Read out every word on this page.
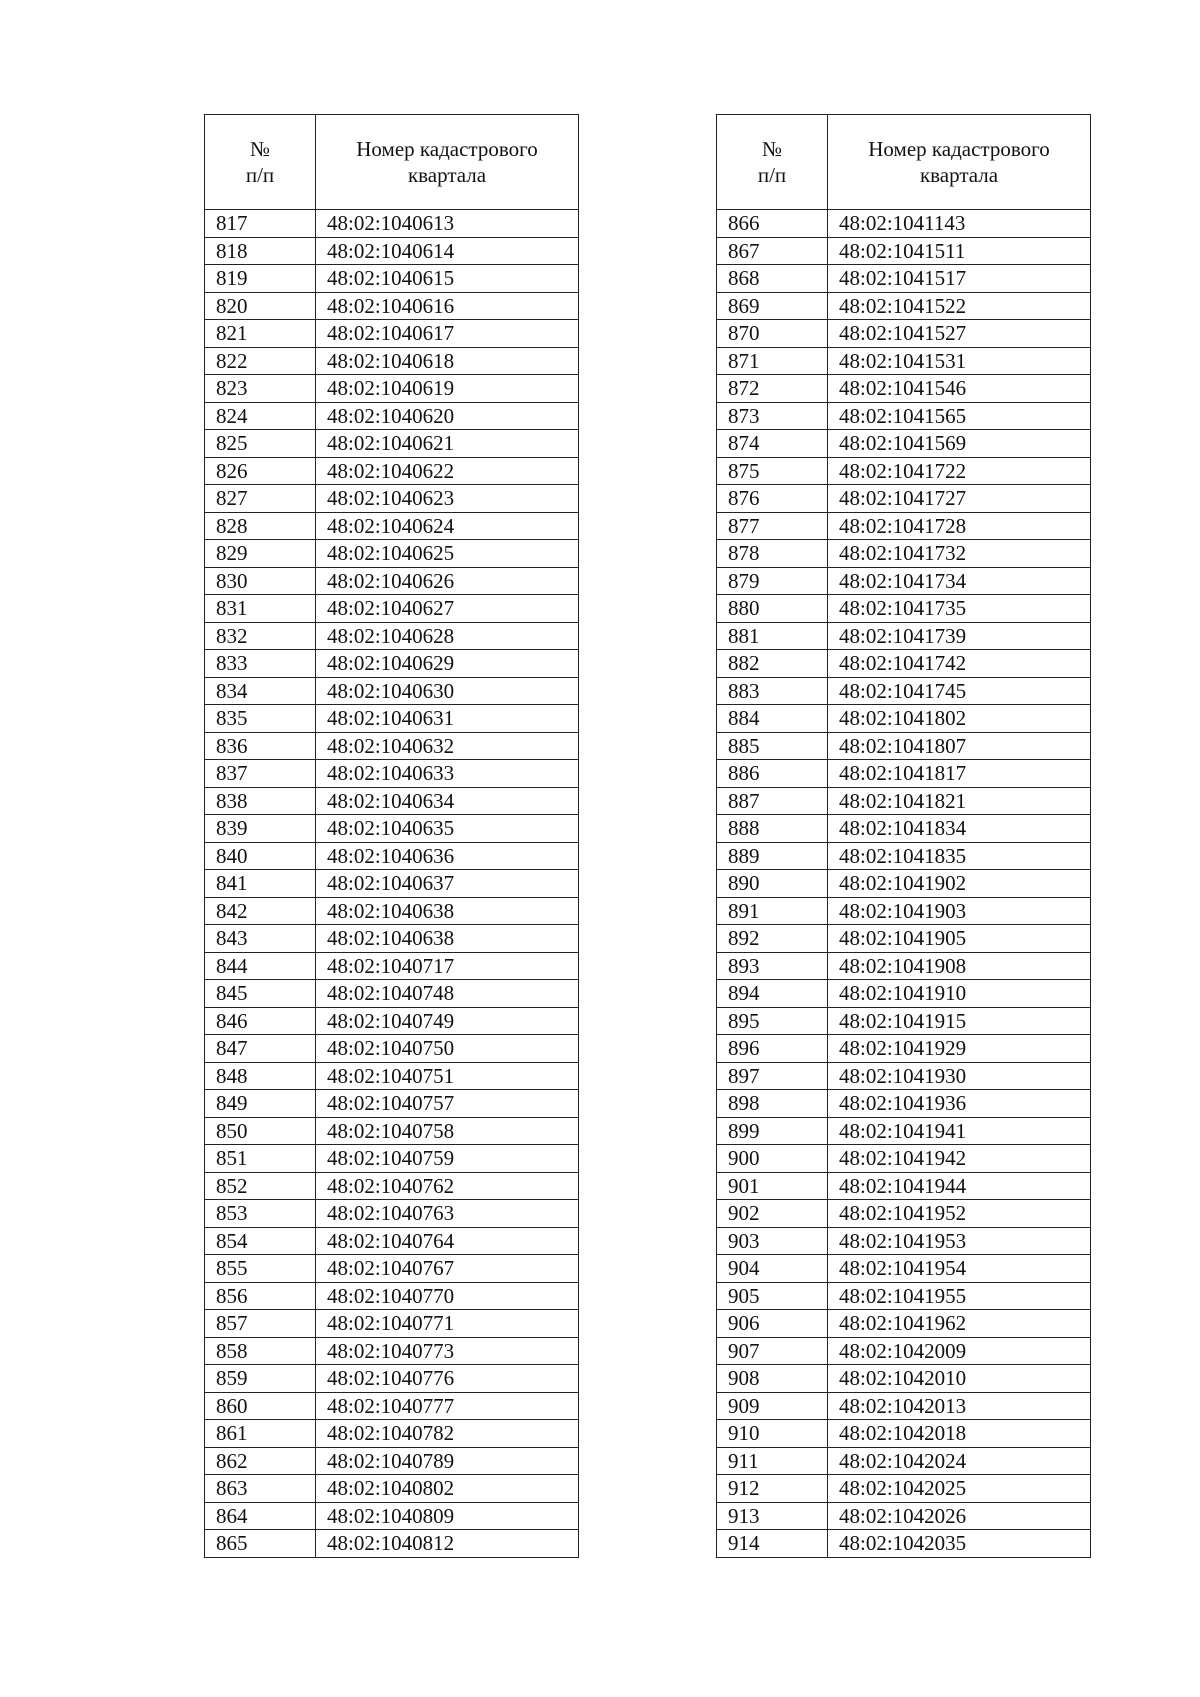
№
п/п	Номер кадастрового
квартала

817	48:02:1040613
818	48:02:1040614
819	48:02:1040615
820	48:02:1040616
821	48:02:1040617
822	48:02:1040618
823	48:02:1040619
824	48:02:1040620
825	48:02:1040621
826	48:02:1040622
827	48:02:1040623
828	48:02:1040624
829	48:02:1040625
830	48:02:1040626
831	48:02:1040627
832	48:02:1040628
833	48:02:1040629
834	48:02:1040630
835	48:02:1040631
836	48:02:1040632
837	48:02:1040633
838	48:02:1040634
839	48:02:1040635
840	48:02:1040636
841	48:02:1040637
842	48:02:1040638
843	48:02:1040638
844	48:02:1040717
845	48:02:1040748
846	48:02:1040749
847	48:02:1040750
848	48:02:1040751
849	48:02:1040757
850	48:02:1040758
851	48:02:1040759
852	48:02:1040762
853	48:02:1040763
854	48:02:1040764
855	48:02:1040767
856	48:02:1040770
857	48:02:1040771
858	48:02:1040773
859	48:02:1040776
860	48:02:1040777
861	48:02:1040782
862	48:02:1040789
863	48:02:1040802
864	48:02:1040809
865	48:02:1040812
№
п/п	Номер кадастрового
квартала

866	48:02:1041143
867	48:02:1041511
868	48:02:1041517
869	48:02:1041522
870	48:02:1041527
871	48:02:1041531
872	48:02:1041546
873	48:02:1041565
874	48:02:1041569
875	48:02:1041722
876	48:02:1041727
877	48:02:1041728
878	48:02:1041732
879	48:02:1041734
880	48:02:1041735
881	48:02:1041739
882	48:02:1041742
883	48:02:1041745
884	48:02:1041802
885	48:02:1041807
886	48:02:1041817
887	48:02:1041821
888	48:02:1041834
889	48:02:1041835
890	48:02:1041902
891	48:02:1041903
892	48:02:1041905
893	48:02:1041908
894	48:02:1041910
895	48:02:1041915
896	48:02:1041929
897	48:02:1041930
898	48:02:1041936
899	48:02:1041941
900	48:02:1041942
901	48:02:1041944
902	48:02:1041952
903	48:02:1041953
904	48:02:1041954
905	48:02:1041955
906	48:02:1041962
907	48:02:1042009
908	48:02:1042010
909	48:02:1042013
910	48:02:1042018
911	48:02:1042024
912	48:02:1042025
913	48:02:1042026
914	48:02:1042035
